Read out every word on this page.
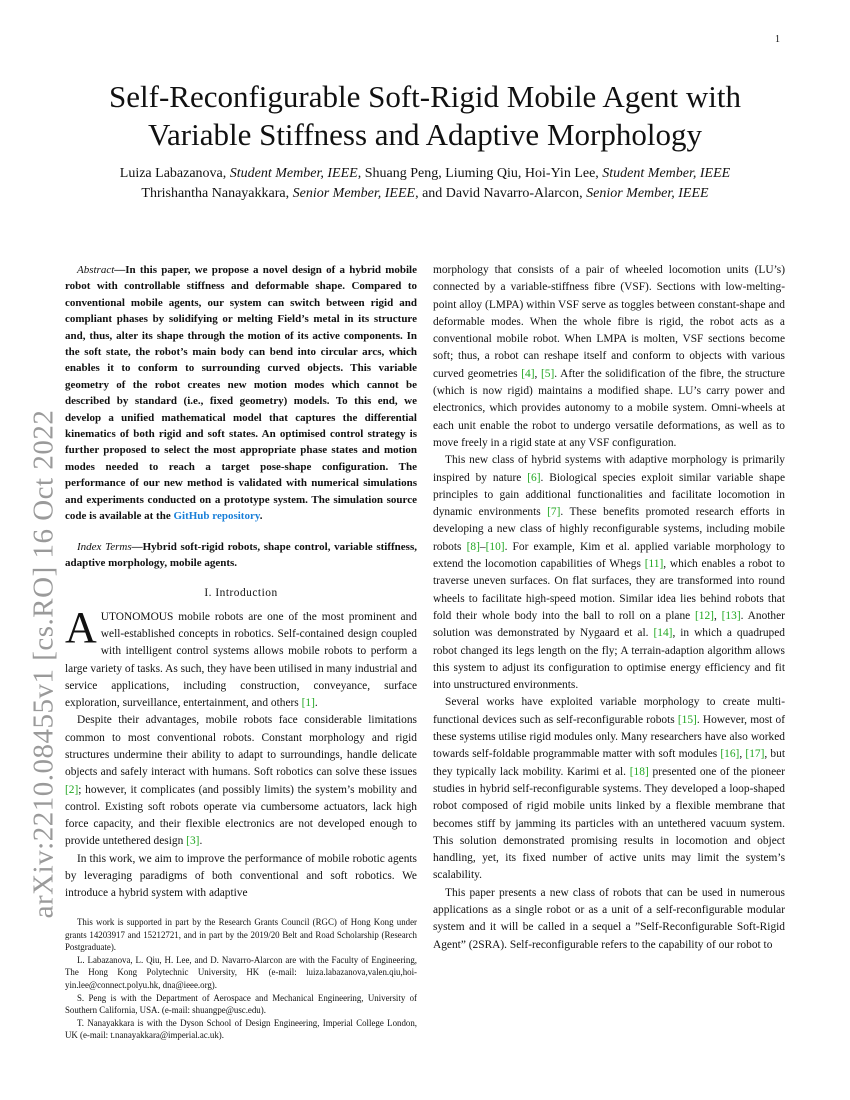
1
arXiv:2210.08455v1 [cs.RO] 16 Oct 2022
Self-Reconfigurable Soft-Rigid Mobile Agent with
Variable Stiffness and Adaptive Morphology
Luiza Labazanova, Student Member, IEEE, Shuang Peng, Liuming Qiu, Hoi-Yin Lee, Student Member, IEEE
Thrishantha Nanayakkara, Senior Member, IEEE, and David Navarro-Alarcon, Senior Member, IEEE

Abstract—In this paper, we propose a novel design of a hybrid mobile robot with controllable stiffness and deformable shape. Compared to conventional mobile agents, our system can switch between rigid and compliant phases by solidifying or melting Field’s metal in its structure and, thus, alter its shape through the motion of its active components. In the soft state, the robot’s main body can bend into circular arcs, which enables it to conform to surrounding curved objects. This variable geometry of the robot creates new motion modes which cannot be described by standard (i.e., fixed geometry) models. To this end, we develop a unified mathematical model that captures the differential kinematics of both rigid and soft states. An optimised control strategy is further proposed to select the most appropriate phase states and motion modes needed to reach a target pose-shape configuration. The performance of our new method is validated with numerical simulations and experiments conducted on a prototype system. The simulation source code is available at the GitHub repository.

Index Terms—Hybrid soft-rigid robots, shape control, variable stiffness, adaptive morphology, mobile agents.

I. Introduction

AUTONOMOUS mobile robots are one of the most prominent and well-established concepts in robotics. Self-contained design coupled with intelligent control systems allows mobile robots to perform a large variety of tasks. As such, they have been utilised in many industrial and service applications, including construction, conveyance, surface exploration, surveillance, entertainment, and others [1].

Despite their advantages, mobile robots face considerable limitations common to most conventional robots. Constant morphology and rigid structures undermine their ability to adapt to surroundings, handle delicate objects and safely interact with humans. Soft robotics can solve these issues [2]; however, it complicates (and possibly limits) the system’s mobility and control. Existing soft robots operate via cumbersome actuators, lack high force capacity, and their flexible electronics are not developed enough to provide untethered design [3].

In this work, we aim to improve the performance of mobile robotic agents by leveraging paradigms of both conventional and soft robotics. We introduce a hybrid system with adaptive

This work is supported in part by the Research Grants Council (RGC) of Hong Kong under grants 14203917 and 15212721, and in part by the 2019/20 Belt and Road Scholarship (Research Postgraduate).

L. Labazanova, L. Qiu, H. Lee, and D. Navarro-Alarcon are with the Faculty of Engineering, The Hong Kong Polytechnic University, HK (e-mail: luiza.labazanova,valen.qiu,hoi-yin.lee@connect.polyu.hk, dna@ieee.org).

S. Peng is with the Department of Aerospace and Mechanical Engineering, University of Southern California, USA. (e-mail: shuangpe@usc.edu).

T. Nanayakkara is with the Dyson School of Design Engineering, Imperial College London, UK (e-mail: t.nanayakkara@imperial.ac.uk).

morphology that consists of a pair of wheeled locomotion units (LU’s) connected by a variable-stiffness fibre (VSF). Sections with low-melting-point alloy (LMPA) within VSF serve as toggles between constant-shape and deformable modes. When the whole fibre is rigid, the robot acts as a conventional mobile robot. When LMPA is molten, VSF sections become soft; thus, a robot can reshape itself and conform to objects with various curved geometries [4], [5]. After the solidification of the fibre, the structure (which is now rigid) maintains a modified shape. LU’s carry power and electronics, which provides autonomy to a mobile system. Omni-wheels at each unit enable the robot to undergo versatile deformations, as well as to move freely in a rigid state at any VSF configuration.

This new class of hybrid systems with adaptive morphology is primarily inspired by nature [6]. Biological species exploit similar variable shape principles to gain additional functionalities and facilitate locomotion in dynamic environments [7]. These benefits promoted research efforts in developing a new class of highly reconfigurable systems, including mobile robots [8]–[10]. For example, Kim et al. applied variable morphology to extend the locomotion capabilities of Whegs [11], which enables a robot to traverse uneven surfaces. On flat surfaces, they are transformed into round wheels to facilitate high-speed motion. Similar idea lies behind robots that fold their whole body into the ball to roll on a plane [12], [13]. Another solution was demonstrated by Nygaard et al. [14], in which a quadruped robot changed its legs length on the fly; A terrain-adaption algorithm allows this system to adjust its configuration to optimise energy efficiency and fit into unstructured environments.

Several works have exploited variable morphology to create multi-functional devices such as self-reconfigurable robots [15]. However, most of these systems utilise rigid modules only. Many researchers have also worked towards self-foldable programmable matter with soft modules [16], [17], but they typically lack mobility. Karimi et al. [18] presented one of the pioneer studies in hybrid self-reconfigurable systems. They developed a loop-shaped robot composed of rigid mobile units linked by a flexible membrane that becomes stiff by jamming its particles with an untethered vacuum system. This solution demonstrated promising results in locomotion and object handling, yet, its fixed number of active units may limit the system’s scalability.

This paper presents a new class of robots that can be used in numerous applications as a single robot or as a unit of a self-reconfigurable modular system and it will be called in a sequel a ”Self-Reconfigurable Soft-Rigid Agent” (2SRA). Self-reconfigurable refers to the capability of our robot to
